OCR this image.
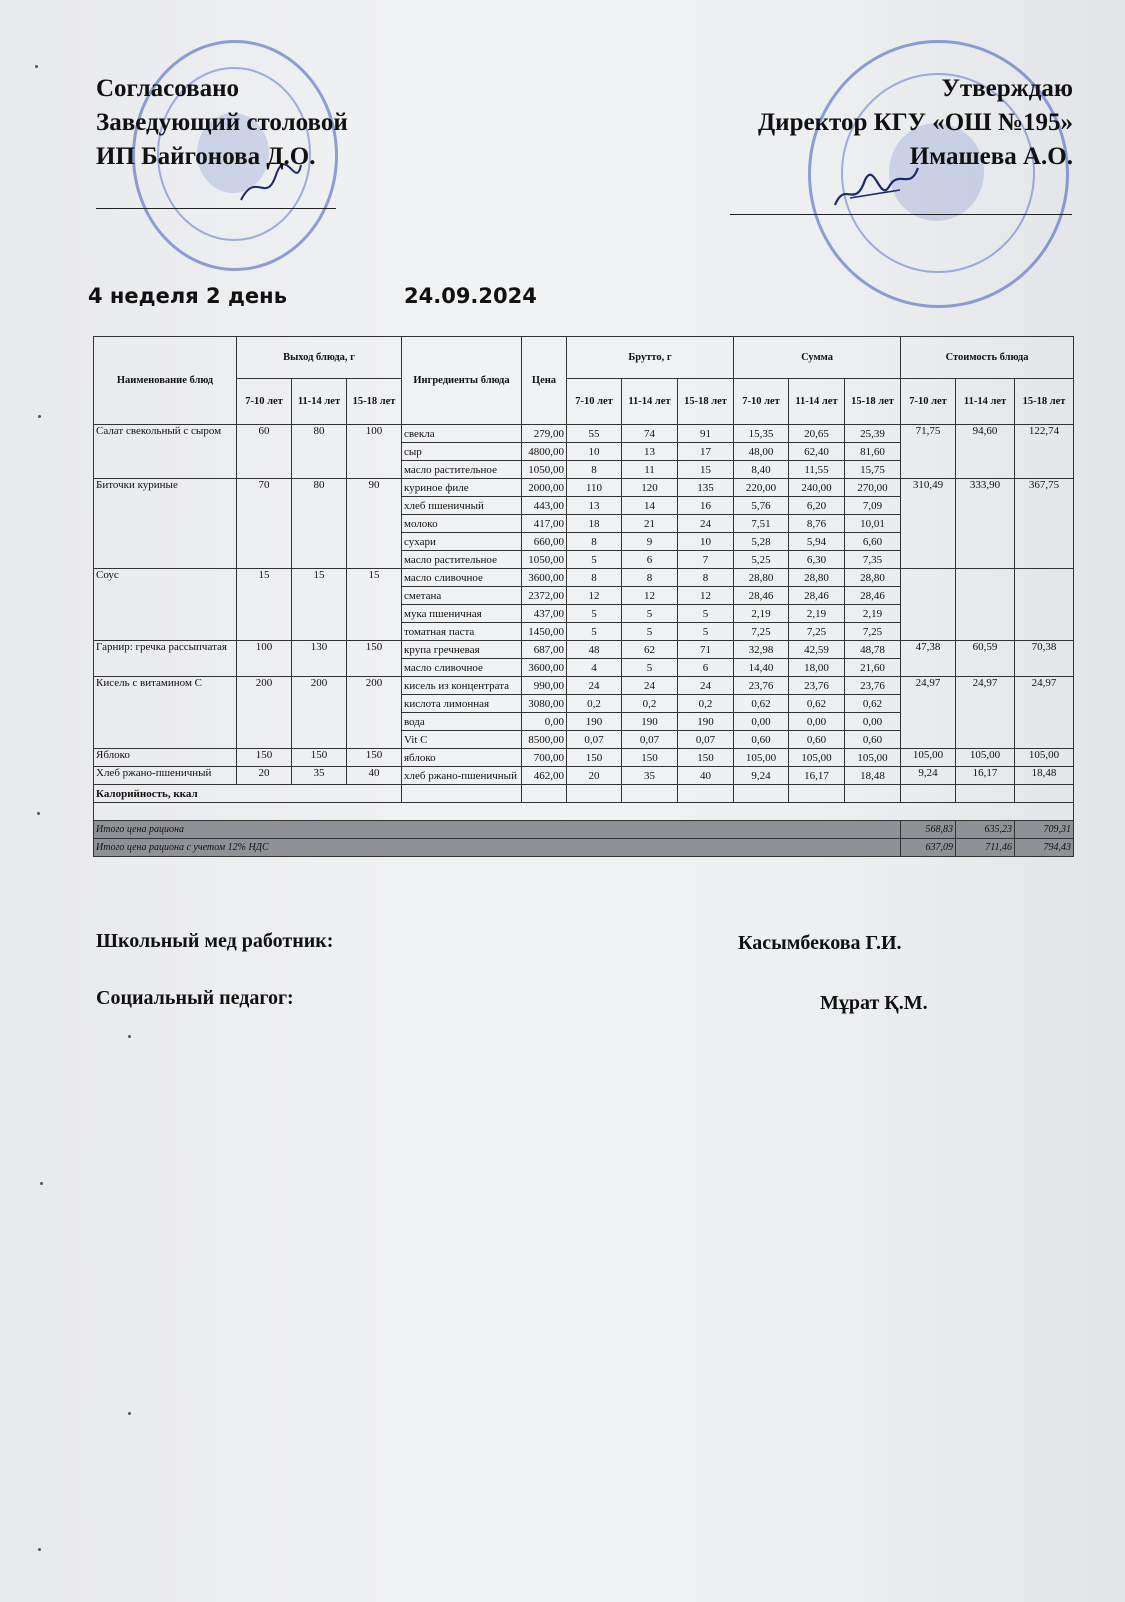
Согласовано
Заведующий столовой
ИП Байгонова Д.О.
Утверждаю
Директор КГУ «ОШ №195»
Имашева А.О.
4 неделя 2 день	24.09.2024
Наименование блюд	Выход блюда, г			Ингредиенты блюда	Цена	Брутто, г			Сумма			Стоимость блюда		
	7-10 лет	11-14 лет	15-18 лет			7-10 лет	11-14 лет	15-18 лет	7-10 лет	11-14 лет	15-18 лет	7-10 лет	11-14 лет	15-18 лет
Салат свекольный с сыром	60	80	100	свекла	279,00	55	74	91	15,35	20,65	25,39	71,75	94,60	122,74
				сыр	4800,00	10	13	17	48,00	62,40	81,60			
				масло растительное	1050,00	8	11	15	8,40	11,55	15,75			
Биточки куриные	70	80	90	куриное филе	2000,00	110	120	135	220,00	240,00	270,00	310,49	333,90	367,75
				хлеб пшеничный	443,00	13	14	16	5,76	6,20	7,09			
				молоко	417,00	18	21	24	7,51	8,76	10,01			
				сухари	660,00	8	9	10	5,28	5,94	6,60			
				масло растительное	1050,00	5	6	7	5,25	6,30	7,35			
Соус	15	15	15	масло сливочное	3600,00	8	8	8	28,80	28,80	28,80			
				сметана	2372,00	12	12	12	28,46	28,46	28,46			
				мука пшеничная	437,00	5	5	5	2,19	2,19	2,19			
				томатная паста	1450,00	5	5	5	7,25	7,25	7,25			
Гарнир: гречка рассыпчатая	100	130	150	крупа гречневая	687,00	48	62	71	32,98	42,59	48,78	47,38	60,59	70,38
				масло сливочное	3600,00	4	5	6	14,40	18,00	21,60			
Кисель с витамином С	200	200	200	кисель из концентрата	990,00	24	24	24	23,76	23,76	23,76	24,97	24,97	24,97
				кислота лимонная	3080,00	0,2	0,2	0,2	0,62	0,62	0,62			
				вода	0,00	190	190	190	0,00	0,00	0,00			
				Vit C	8500,00	0,07	0,07	0,07	0,60	0,60	0,60			
Яблоко	150	150	150	яблоко	700,00	150	150	150	105,00	105,00	105,00	105,00	105,00	105,00
Хлеб ржано-пшеничный	20	35	40	хлеб ржано-пшеничный	462,00	20	35	40	9,24	16,17	18,48	9,24	16,17	18,48
Калорийность, ккал														

Итого цена рациона												568,83	635,23	709,31
Итого цена рациона с учетом 12% НДС												637,09	711,46	794,43
Школьный мед работник:	Касымбекова Г.И.
Социальный педагог:	Мұрат Қ.М.
